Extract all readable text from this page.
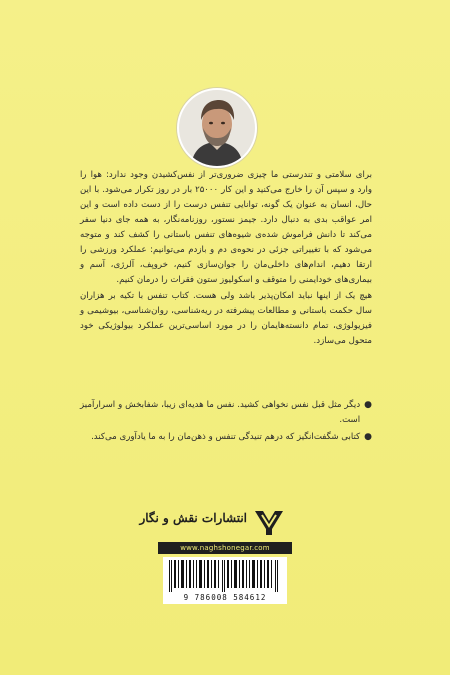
برای سلامتی و تندرستی ما چیزی ضروری‌تر از نفس‌کشیدن وجود ندارد: هوا را وارد و سپس آن را خارج می‌کنید و این کار ۲۵۰۰۰ بار در روز تکرار می‌شود. با این حال، انسان به عنوان یک گونه، توانایی تنفس درست را از دست داده است و این امر عواقب بدی به دنبال دارد. جیمز نستور، روزنامه‌نگار، به همه جای دنیا سفر می‌کند تا دانش فراموش شده‌ی شیوه‌های تنفس باستانی را کشف کند و متوجه می‌شود که با تغییراتی جزئی در نحوه‌ی دم و بازدم می‌توانیم: عملکرد ورزشی را ارتقا دهیم، اندام‌های داخلی‌مان را جوان‌سازی کنیم، خروپف، آلرژی، آسم و بیماری‌های خودایمنی را متوقف و اسکولیوز ستون فقرات را درمان کنیم.

هیچ یک از اینها نباید امکان‌پذیر باشد ولی هست. کتاب تنفس با تکیه بر هزاران سال حکمت باستانی و مطالعات پیشرفته در ریه‌شناسی، روان‌شناسی، بیوشیمی و فیزیولوژی، تمام دانسته‌هایمان را در مورد اساسی‌ترین عملکرد بیولوژیکی خود متحول می‌سازد.

●
دیگر مثل قبل نفس نخواهی کشید. نفس ما هدیه‌ای زیبا، شفابخش و اسرارآمیز است.
●
کتابی شگفت‌انگیز که درهم تنیدگی تنفس و ذهن‌مان را به ما یادآوری می‌کند.
انتشارات نقش و نگار
www.naghshonegar.com
9 786008 584612
